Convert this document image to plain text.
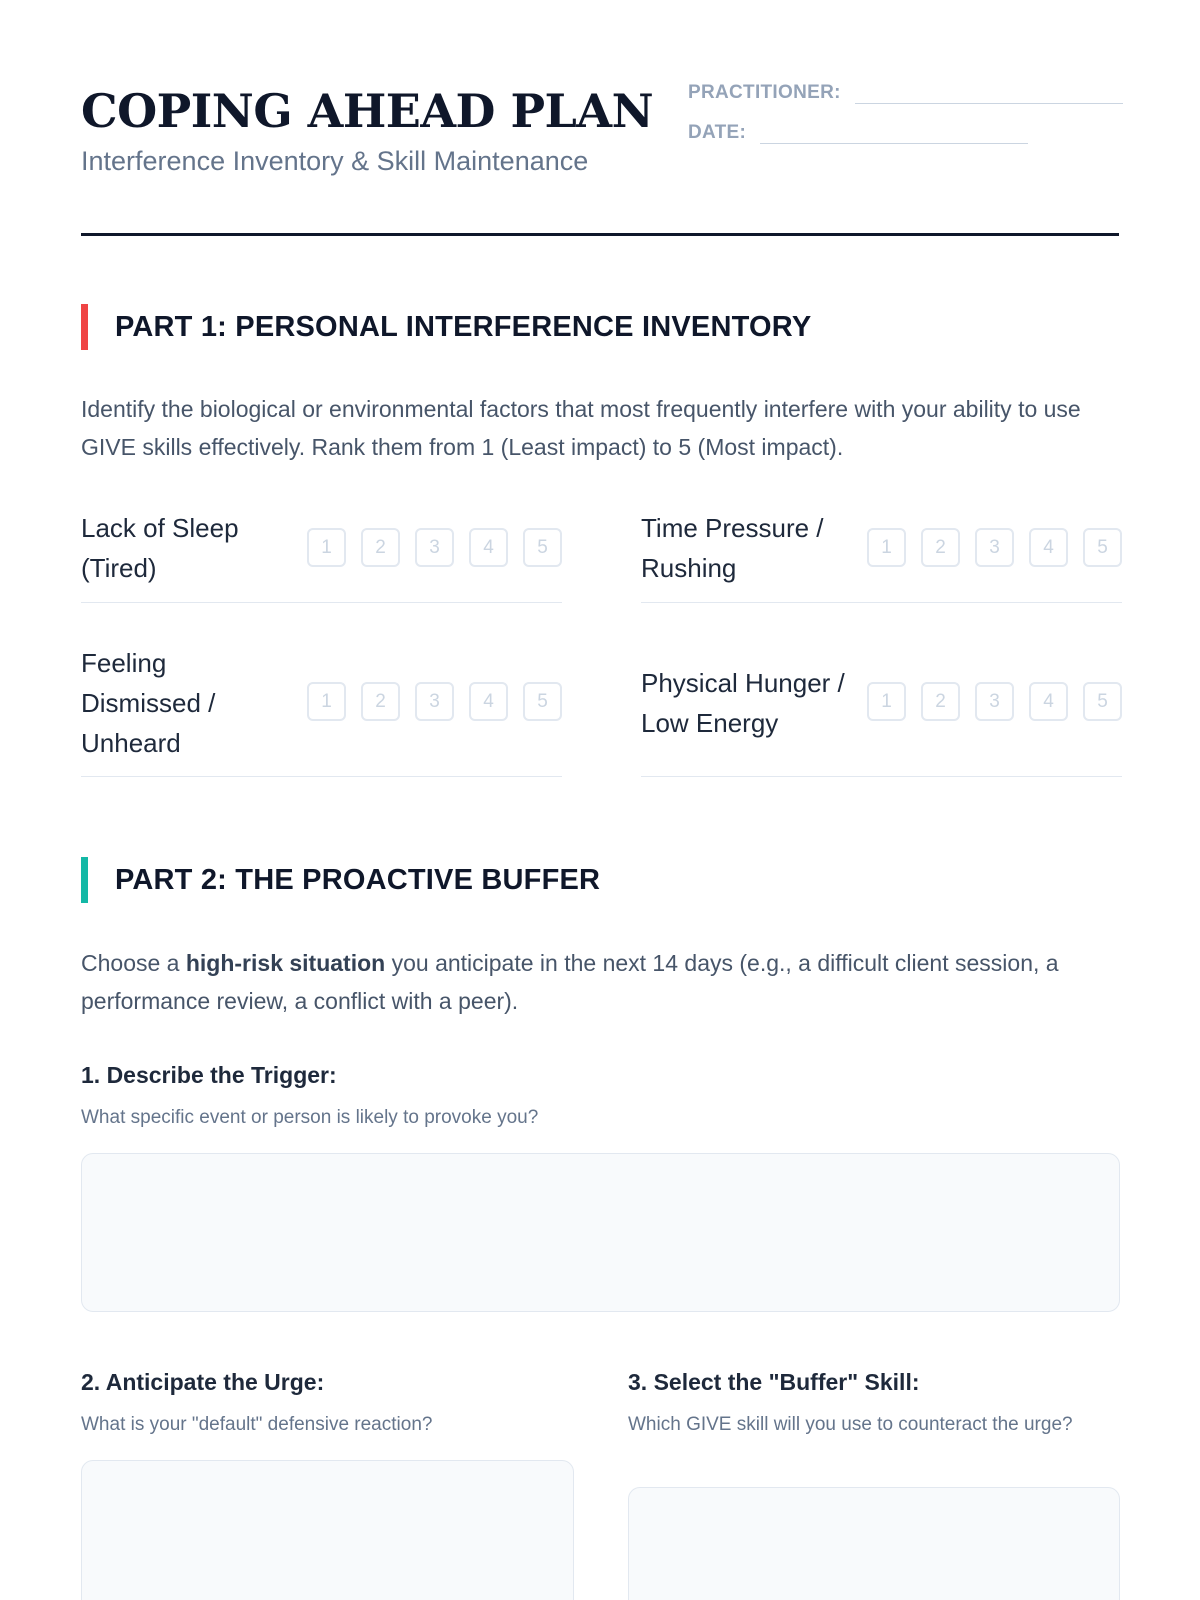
COPING AHEAD PLAN
Interference Inventory & Skill Maintenance
PRACTITIONER:
DATE:
PART 1: PERSONAL INTERFERENCE INVENTORY
Identify the biological or environmental factors that most frequently interfere with your ability to use GIVE skills effectively. Rank them from 1 (Least impact) to 5 (Most impact).
Lack of Sleep
(Tired)
1	2	3	4	5
Time Pressure /
Rushing
1	2	3	4	5
Feeling
Dismissed /
Unheard
1	2	3	4	5
Physical Hunger /
Low Energy
1	2	3	4	5
PART 2: THE PROACTIVE BUFFER
Choose a high-risk situation you anticipate in the next 14 days (e.g., a difficult client session, a performance review, a conflict with a peer).
1. Describe the Trigger:
What specific event or person is likely to provoke you?
2. Anticipate the Urge:
What is your "default" defensive reaction?
3. Select the "Buffer" Skill:
Which GIVE skill will you use to counteract the urge?
